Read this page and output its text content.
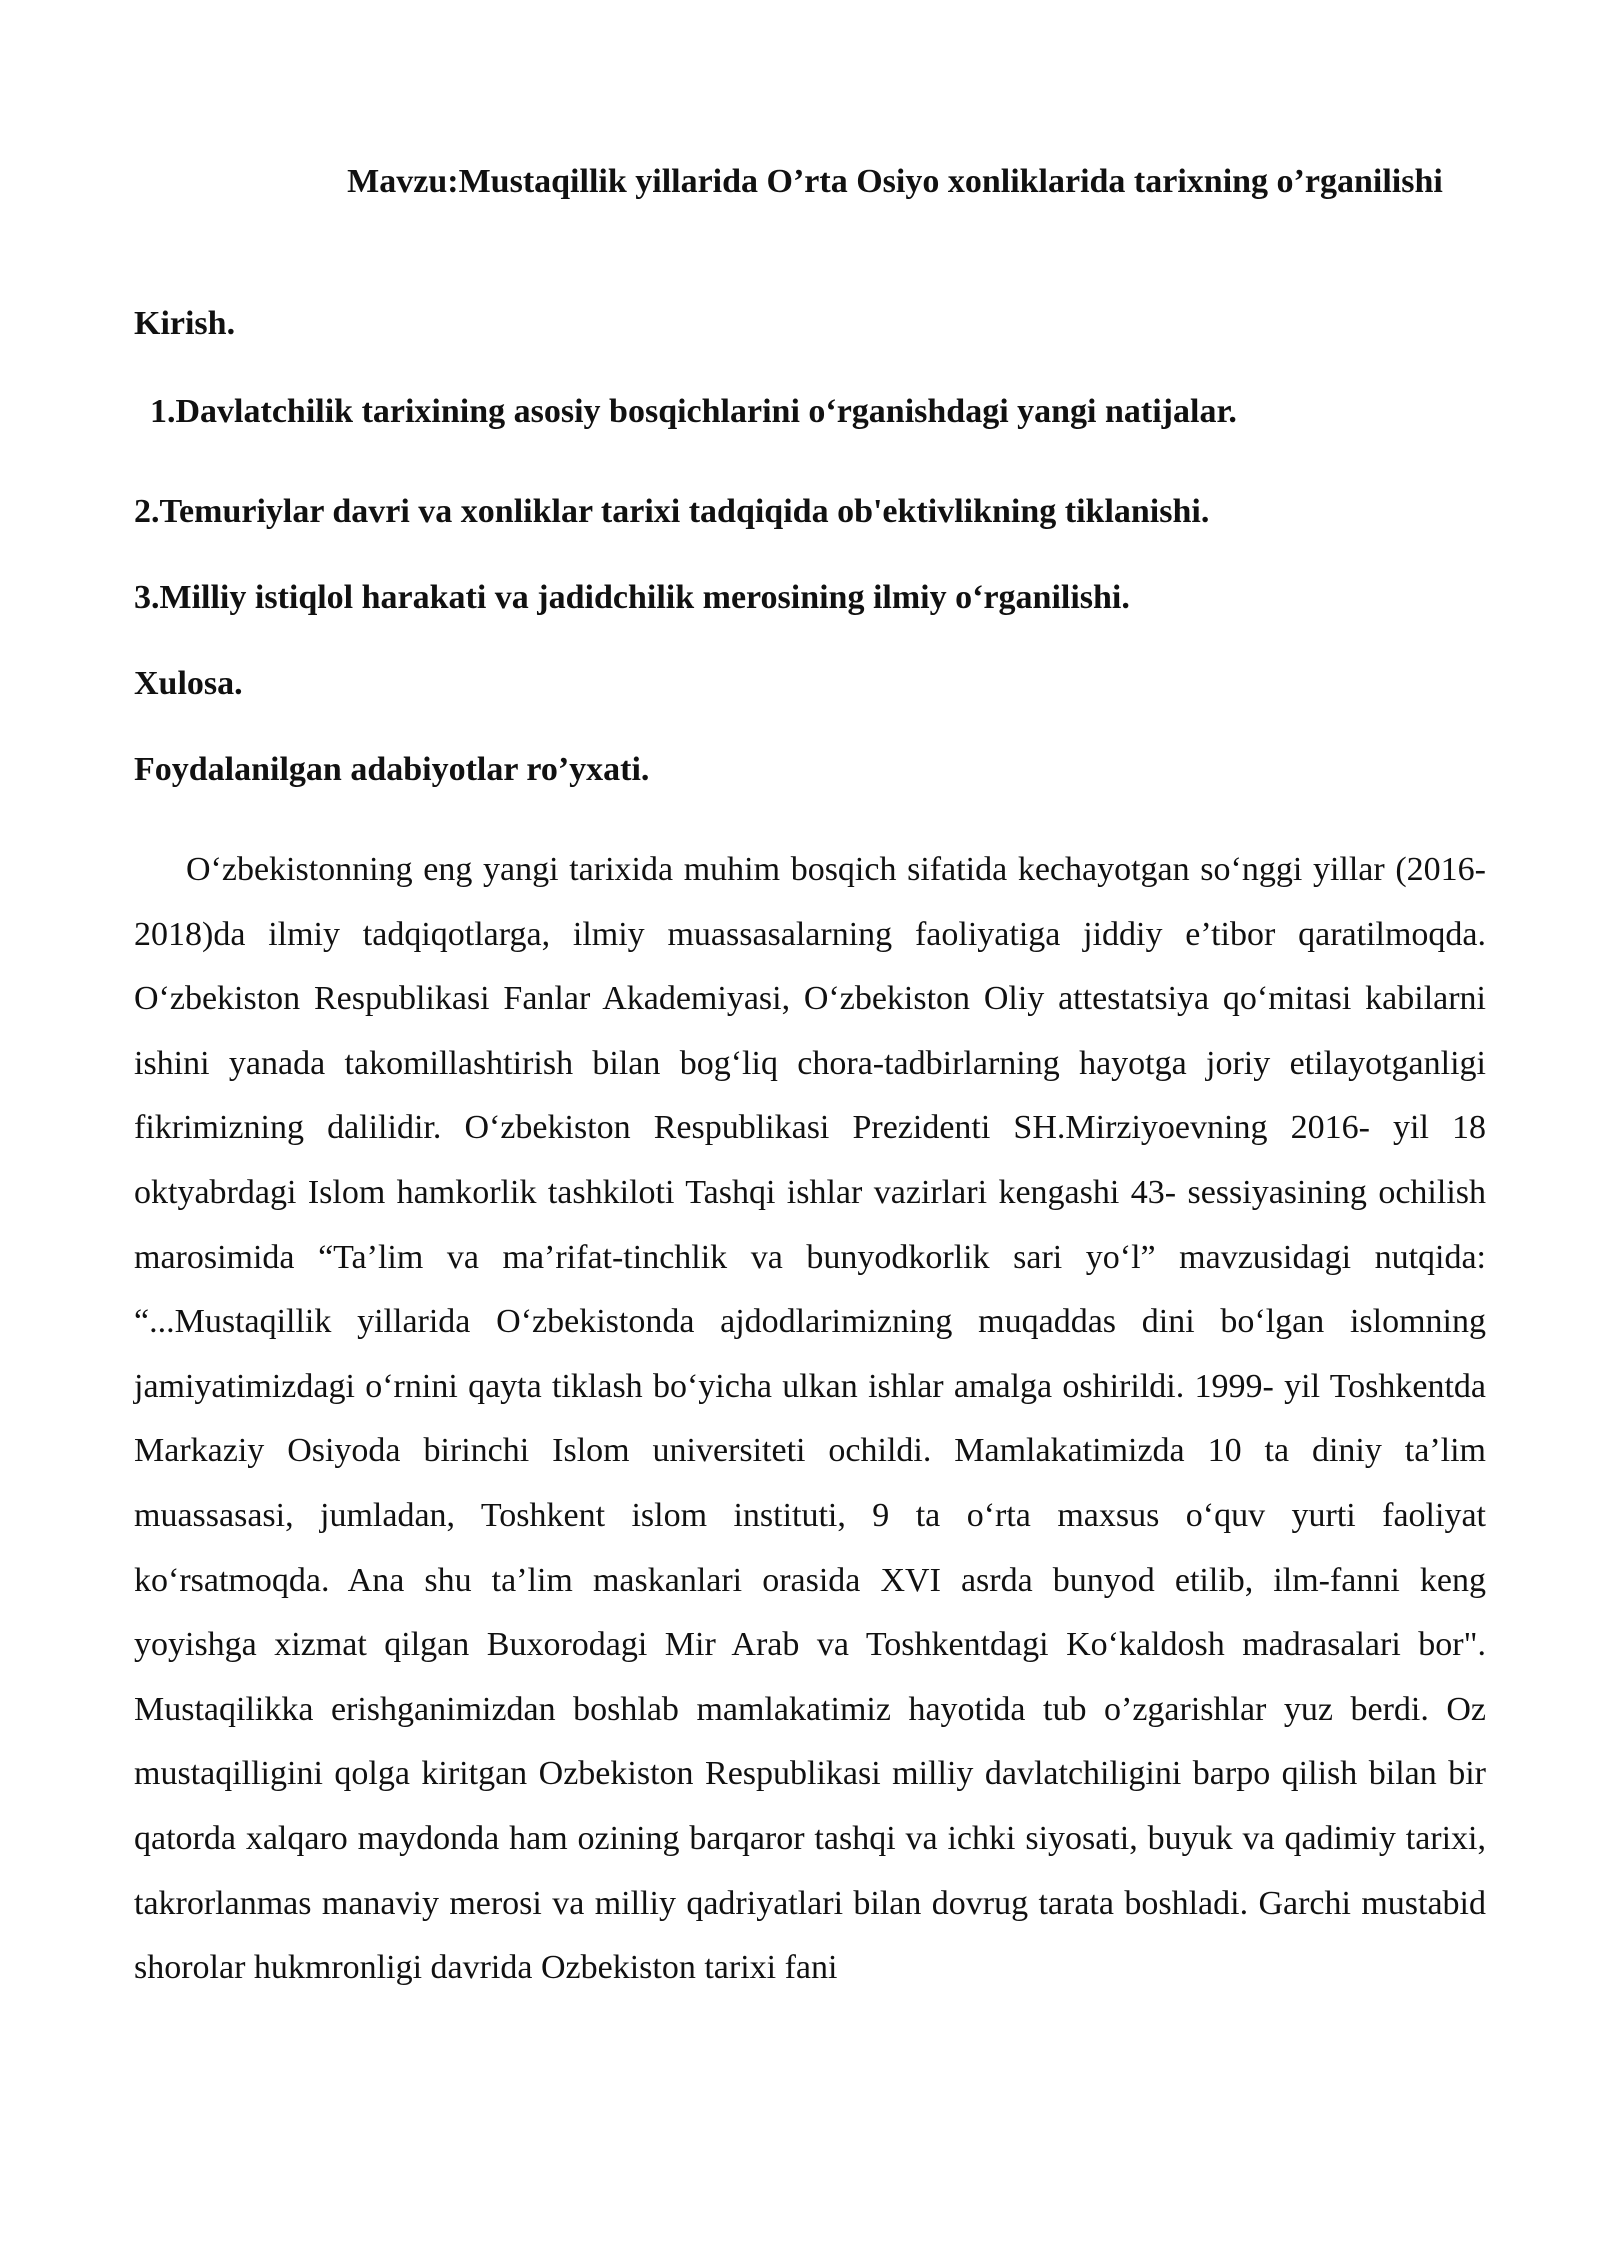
Mavzu:Mustaqillik yillarida O’rta Osiyo xonliklarida tarixning o’rganilishi

Kirish.

1.Davlatchilik tarixining asosiy bosqichlarini o‘rganishdagi yangi natijalar.

2.Temuriylar davri va xonliklar tarixi tadqiqida ob'ektivlikning tiklanishi.

3.Milliy istiqlol harakati va jadidchilik merosining ilmiy o‘rganilishi.

Xulosa.

Foydalanilgan adabiyotlar ro’yxati.

O‘zbekistonning eng yangi tarixida muhim bosqich sifatida kechayotgan so‘nggi yillar (2016-2018)da ilmiy tadqiqotlarga, ilmiy muassasalarning faoliyatiga jiddiy e’tibor qaratilmoqda. O‘zbekiston Respublikasi Fanlar Akademiyasi, O‘zbekiston Oliy attestatsiya qo‘mitasi kabilarni ishini yanada takomillashtirish bilan bog‘liq chora-tadbirlarning hayotga joriy etilayotganligi fikrimizning dalilidir. O‘zbekiston Respublikasi Prezidenti SH.Mirziyoevning 2016- yil 18 oktyabrdagi Islom hamkorlik tashkiloti Tashqi ishlar vazirlari kengashi 43- sessiyasining ochilish marosimida “Ta’lim va ma’rifat-tinchlik va bunyodkorlik sari yo‘l” mavzusidagi nutqida: “...Mustaqillik yillarida O‘zbekistonda ajdodlarimizning muqaddas dini bo‘lgan islomning jamiyatimizdagi o‘rnini qayta tiklash bo‘yicha ulkan ishlar amalga oshirildi. 1999- yil Toshkentda Markaziy Osiyoda birinchi Islom universiteti ochildi. Mamlakatimizda 10 ta diniy ta’lim muassasasi, jumladan, Toshkent islom instituti, 9 ta o‘rta maxsus o‘quv yurti faoliyat ko‘rsatmoqda. Ana shu ta’lim maskanlari orasida XVI asrda bunyod etilib, ilm-fanni keng yoyishga xizmat qilgan Buxorodagi Mir Arab va Toshkentdagi Ko‘kaldosh madrasalari bor". Mustaqilikka erishganimizdan boshlab mamlakatimiz hayotida tub o’zgarishlar yuz berdi. Oz mustaqilligini qolga kiritgan Ozbekiston Respublikasi milliy davlatchiligini barpo qilish bilan bir qatorda xalqaro maydonda ham ozining barqaror tashqi va ichki siyosati, buyuk va qadimiy tarixi, takrorlanmas manaviy merosi va milliy qadriyatlari bilan dovrug tarata boshladi. Garchi mustabid shorolar hukmronligi davrida Ozbekiston tarixi fani
